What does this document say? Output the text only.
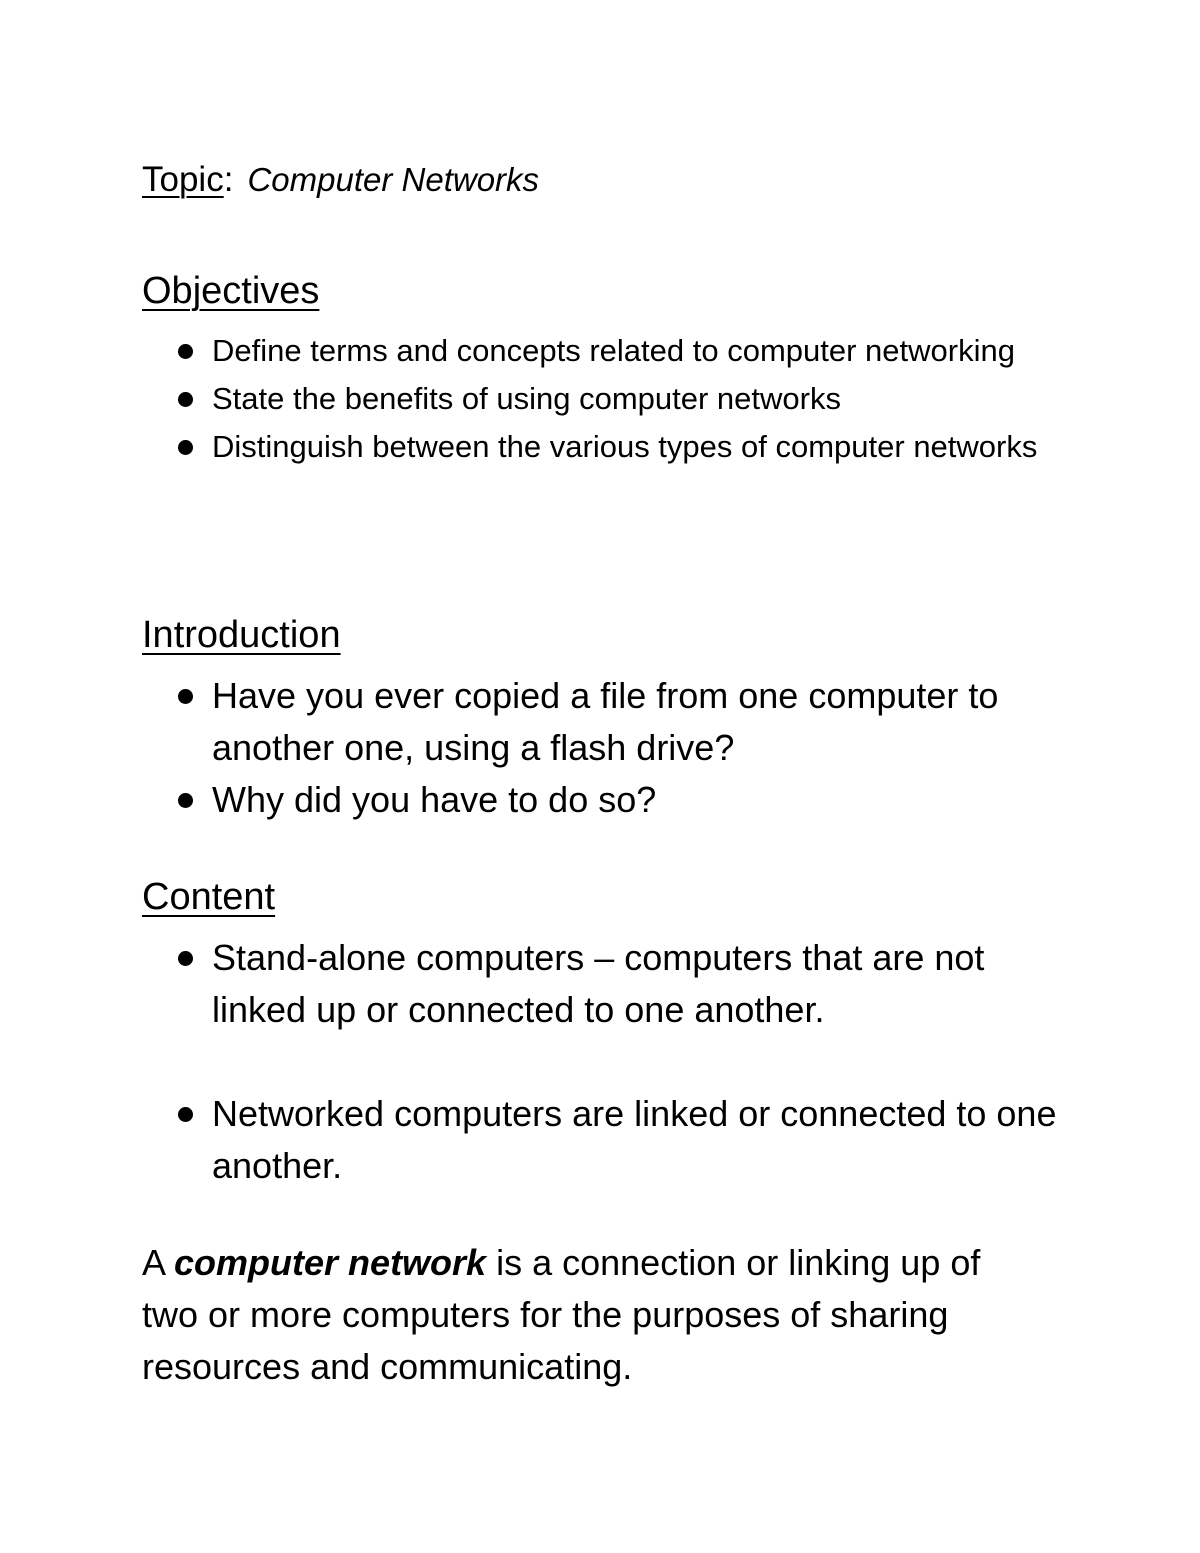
Topic: Computer Networks
Objectives
Define terms and concepts related to computer networking
State the benefits of using computer networks
Distinguish between the various types of computer networks
Introduction
Have you ever copied a file from one computer to another one, using a flash drive?
Why did you have to do so?
Content
Stand-alone computers – computers that are not linked up or connected to one another.
Networked computers are linked or connected to one another.

A computer network is a connection or linking up of two or more computers for the purposes of sharing resources and communicating.
